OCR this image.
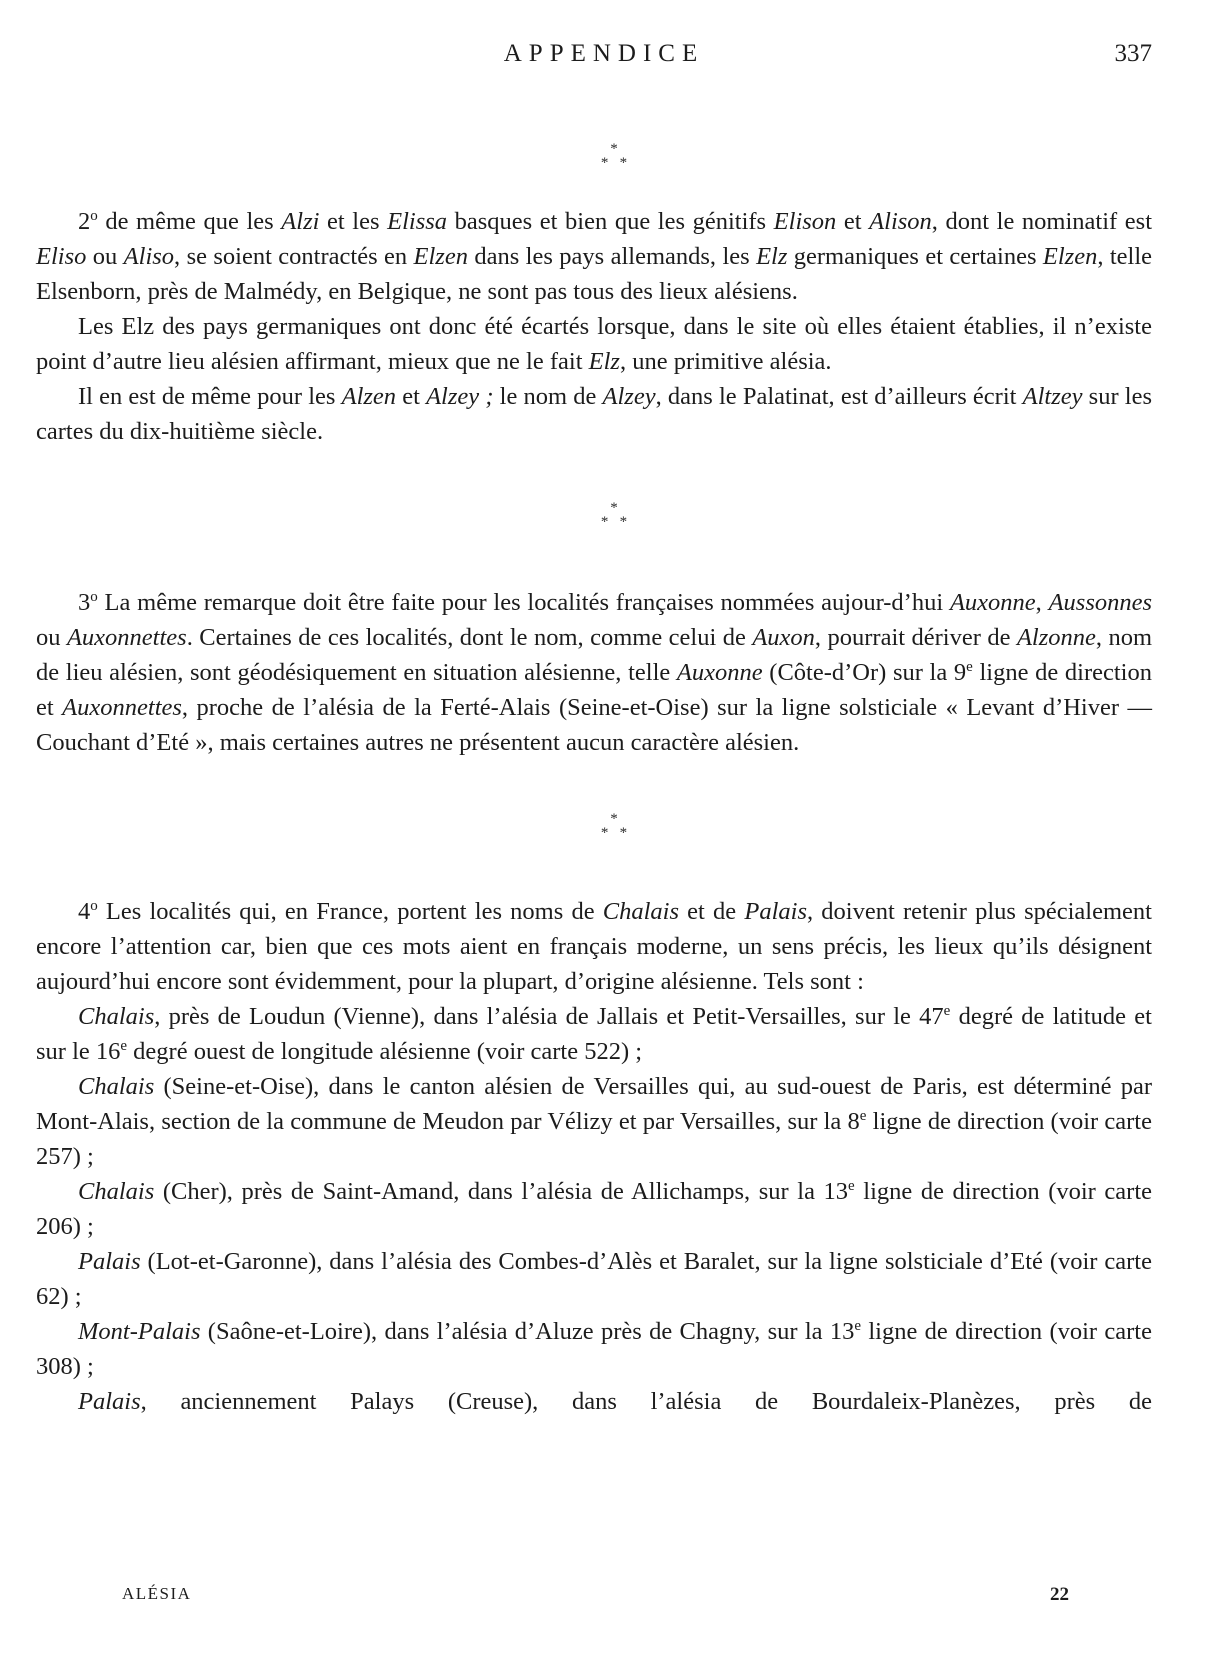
APPENDICE	337
*
*   *

2$^o$ de même que les Alzi et les Elissa basques et bien que les génitifs Elison et Alison, dont le nominatif est Eliso ou Aliso, se soient contractés en Elzen dans les pays allemands, les Elz germaniques et certaines Elzen, telle Elsenborn, près de Malmédy, en Belgique, ne sont pas tous des lieux alésiens.

Les Elz des pays germaniques ont donc été écartés lorsque, dans le site où elles étaient établies, il n’existe point d’autre lieu alésien affirmant, mieux que ne le fait Elz, une primitive alésia.

Il en est de même pour les Alzen et Alzey ; le nom de Alzey, dans le Palatinat, est d’ailleurs écrit Altzey sur les cartes du dix-huitième siècle.

*
*   *

3$^o$ La même remarque doit être faite pour les localités françaises nommées aujour-d’hui Auxonne, Aussonnes ou Auxonnettes. Certaines de ces localités, dont le nom, comme celui de Auxon, pourrait dériver de Alzonne, nom de lieu alésien, sont géodésiquement en situation alésienne, telle Auxonne (Côte-d’Or) sur la 9e ligne de direction et Auxonnettes, proche de l’alésia de la Ferté-Alais (Seine-et-Oise) sur la ligne solsticiale « Levant d’Hiver — Couchant d’Eté », mais certaines autres ne présentent aucun caractère alésien.

*
*   *

4$^o$ Les localités qui, en France, portent les noms de Chalais et de Palais, doivent retenir plus spécialement encore l’attention car, bien que ces mots aient en français moderne, un sens précis, les lieux qu’ils désignent aujourd’hui encore sont évidemment, pour la plupart, d’origine alésienne. Tels sont :

Chalais, près de Loudun (Vienne), dans l’alésia de Jallais et Petit-Versailles, sur le 47e degré de latitude et sur le 16e degré ouest de longitude alésienne (voir carte 522) ;

Chalais (Seine-et-Oise), dans le canton alésien de Versailles qui, au sud-ouest de Paris, est déterminé par Mont-Alais, section de la commune de Meudon par Vélizy et par Versailles, sur la 8e ligne de direction (voir carte 257) ;

Chalais (Cher), près de Saint-Amand, dans l’alésia de Allichamps, sur la 13e ligne de direction (voir carte 206) ;

Palais (Lot-et-Garonne), dans l’alésia des Combes-d’Alès et Baralet, sur la ligne solsticiale d’Eté (voir carte 62) ;

Mont-Palais (Saône-et-Loire), dans l’alésia d’Aluze près de Chagny, sur la 13e ligne de direction (voir carte 308) ;

Palais, anciennement Palays (Creuse), dans l’alésia de Bourdaleix-Planèzes, près de

ALÉSIA	22
